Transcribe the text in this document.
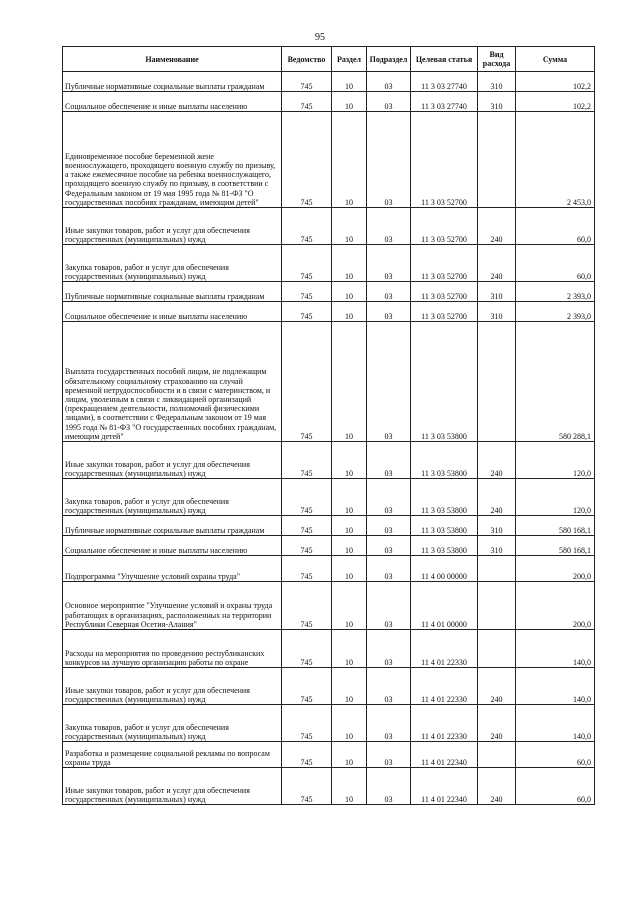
95
Наименование	Ведомство	Раздел	Подраздел	Целевая статья	Вид расхода	Сумма
Публичные нормативные социальные выплаты гражданам	745	10	03	11 3 03 27740	310	102,2
Социальное обеспечение и иные выплаты населению	745	10	03	11 3 03 27740	310	102,2
Единовременное пособие беременной жене военнослужащего, проходящего военную службу по призыву, а также ежемесячное пособие на ребенка военнослужащего, проходящего военную службу по призыву, в соответствии с Федеральным законом от 19 мая 1995 года № 81-ФЗ "О государственных пособиях гражданам, имеющим детей"	745	10	03	11 3 03 52700		2 453,0
Иные закупки товаров, работ и услуг для обеспечения государственных (муниципальных) нужд	745	10	03	11 3 03 52700	240	60,0
Закупка товаров, работ и услуг для обеспечения государственных (муниципальных) нужд	745	10	03	11 3 03 52700	240	60,0
Публичные нормативные социальные выплаты гражданам	745	10	03	11 3 03 52700	310	2 393,0
Социальное обеспечение и иные выплаты населению	745	10	03	11 3 03 52700	310	2 393,0
Выплата государственных пособий лицам, не подлежащим обязательному социальному страхованию на случай временной нетрудоспособности и в связи с материнством, и лицам, уволенным в связи с ликвидацией организаций (прекращением деятельности, полномочий физическими лицами), в соответствии с Федеральным законом от 19 мая 1995 года № 81-ФЗ "О государственных пособиях гражданам, имеющим детей"	745	10	03	11 3 03 53800		580 288,1
Иные закупки товаров, работ и услуг для обеспечения государственных (муниципальных) нужд	745	10	03	11 3 03 53800	240	120,0
Закупка товаров, работ и услуг для обеспечения государственных (муниципальных) нужд	745	10	03	11 3 03 53800	240	120,0
Публичные нормативные социальные выплаты гражданам	745	10	03	11 3 03 53800	310	580 168,1
Социальное обеспечение и иные выплаты населению	745	10	03	11 3 03 53800	310	580 168,1
Подпрограмма "Улучшение условий охраны труда"	745	10	03	11 4 00 00000		200,0
Основное мероприятие "Улучшение условий и охраны труда работающих в организациях, расположенных на территории Республики Северная Осетия-Алания"	745	10	03	11 4 01 00000		200,0
Расходы на мероприятия по проведению республиканских конкурсов на лучшую организацию работы по охране	745	10	03	11 4 01 22330		140,0
Иные закупки товаров, работ и услуг для обеспечения государственных (муниципальных) нужд	745	10	03	11 4 01 22330	240	140,0
Закупка товаров, работ и услуг для обеспечения государственных (муниципальных) нужд	745	10	03	11 4 01 22330	240	140,0
Разработка и размещение социальной рекламы по вопросам охраны труда	745	10	03	11 4 01 22340		60,0
Иные закупки товаров, работ и услуг для обеспечения государственных (муниципальных) нужд	745	10	03	11 4 01 22340	240	60,0
